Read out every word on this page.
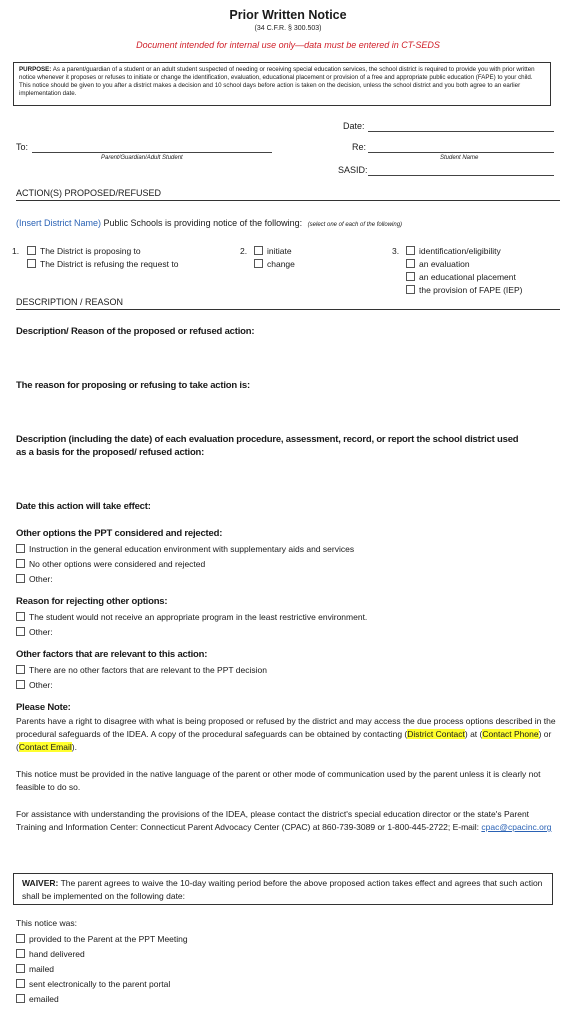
Prior Written Notice
(34 C.F.R. § 300.503)
Document intended for internal use only—data must be entered in CT-SEDS
PURPOSE: As a parent/guardian of a student or an adult student suspected of needing or receiving special education services, the school district is required to provide you with prior written notice whenever it proposes or refuses to initiate or change the identification, evaluation, educational placement or provision of a free and appropriate public education (FAPE) to your child. This notice should be given to you after a district makes a decision and 10 school days before action is taken on the decision, unless the school district and you both agree to an earlier implementation date.
Date:
To:
Parent/Guardian/Adult Student
Re:
Student Name
SASID:
ACTION(S) PROPOSED/REFUSED
(Insert District Name) Public Schools is providing notice of the following: (select one of each of the following)
1.	The District is proposing to
The District is refusing the request to
2.	initiate
change
3.	identification/eligibility
an evaluation
an educational placement
the provision of FAPE (IEP)
DESCRIPTION / REASON
Description/ Reason of the proposed or refused action:
The reason for proposing or refusing to take action is:
Description (including the date) of each evaluation procedure, assessment, record, or report the school district used
as a basis for the proposed/ refused action:
Date this action will take effect:
Other options the PPT considered and rejected:
Instruction in the general education environment with supplementary aids and services
No other options were considered and rejected
Other:
Reason for rejecting other options:
The student would not receive an appropriate program in the least restrictive environment.
Other:
Other factors that are relevant to this action:
There are no other factors that are relevant to the PPT decision
Other:
Please Note:
Parents have a right to disagree with what is being proposed or refused by the district and may access the due process options described in the procedural safeguards of the IDEA. A copy of the procedural safeguards can be obtained by contacting (District Contact) at (Contact Phone) or (Contact Email).
This notice must be provided in the native language of the parent or other mode of communication used by the parent unless it is clearly not feasible to do so.
For assistance with understanding the provisions of the IDEA, please contact the district's special education director or the state's Parent Training and Information Center: Connecticut Parent Advocacy Center (CPAC) at 860-739-3089 or 1-800-445-2722; E-mail: cpac@cpacinc.org
WAIVER: The parent agrees to waive the 10-day waiting period before the above proposed action takes effect and agrees that such action shall be implemented on the following date:
This notice was:
provided to the Parent at the PPT Meeting
hand delivered
mailed
sent electronically to the parent portal
emailed
